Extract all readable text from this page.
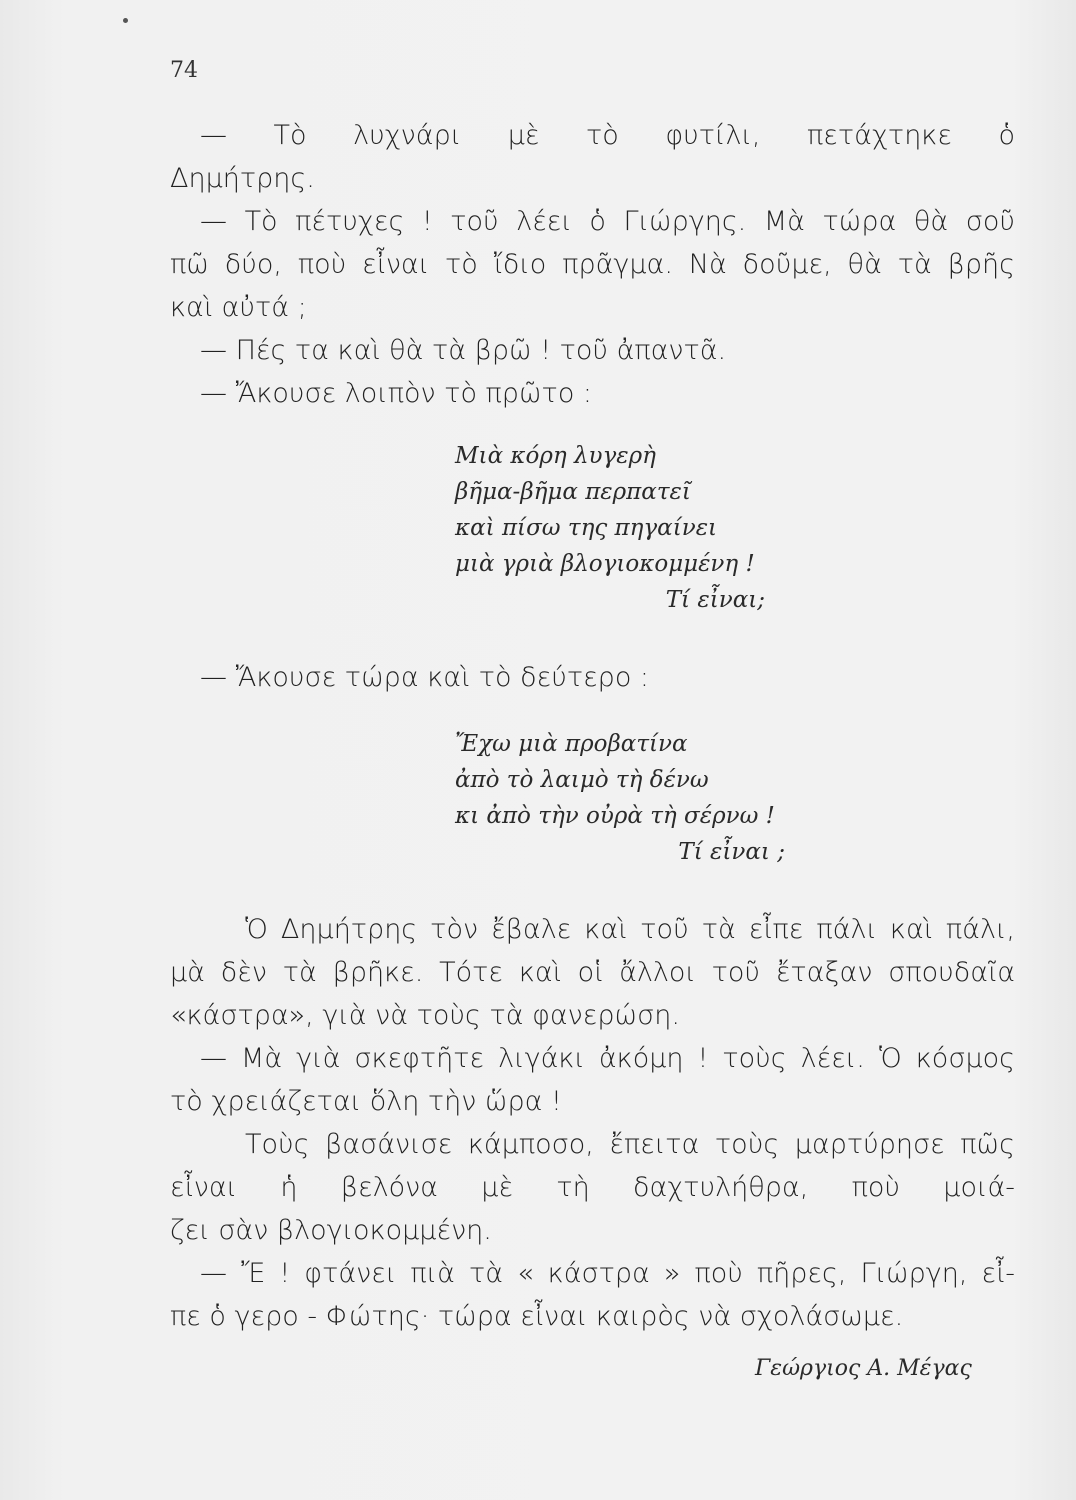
74
— Τὸ λυχνάρι μὲ τὸ φυτίλι, πετάχτηκε ὁ
Δημήτρης.
— Τὸ πέτυχες ! τοῦ λέει ὁ Γιώργης. Μὰ τώρα θὰ σοῦ
πῶ δύο, ποὺ εἶναι τὸ ἴδιο πρᾶγμα. Νὰ δοῦμε, θὰ τὰ βρῆς
καὶ αὐτά ;
— Πές τα καὶ θὰ τὰ βρῶ ! τοῦ ἀπαντᾶ.
— Ἄκουσε λοιπὸν τὸ πρῶτο :
Μιὰ κόρη λυγερὴ
βῆμα-βῆμα περπατεῖ
καὶ πίσω της πηγαίνει
μιὰ γριὰ βλογιοκομμένη !
Τί εἶναι;
— Ἄκουσε τώρα καὶ τὸ δεύτερο :
Ἔχω μιὰ προβατίνα
ἀπὸ τὸ λαιμὸ τὴ δένω
κι ἀπὸ τὴν οὐρὰ τὴ σέρνω !
Τί εἶναι ;
Ὁ Δημήτρης τὸν ἔβαλε καὶ τοῦ τὰ εἶπε πάλι καὶ πάλι,
μὰ δὲν τὰ βρῆκε. Τότε καὶ οἱ ἄλλοι τοῦ ἔταξαν σπουδαῖα
«κάστρα», γιὰ νὰ τοὺς τὰ φανερώση.
— Μὰ γιὰ σκεφτῆτε λιγάκι ἀκόμη ! τοὺς λέει. Ὁ κόσμος
τὸ χρειάζεται ὅλη τὴν ὥρα !
Τοὺς βασάνισε κάμποσο, ἔπειτα τοὺς μαρτύρησε πῶς
εἶναι ἡ βελόνα μὲ τὴ δαχτυλήθρα, ποὺ μοιά-
ζει σὰν βλογιοκομμένη.
— Ἔ ! φτάνει πιὰ τὰ « κάστρα » ποὺ πῆρες, Γιώργη, εἶ-
πε ὁ γερο - Φώτης· τώρα εἶναι καιρὸς νὰ σχολάσωμε.
Γεώργιος Α. Μέγας
